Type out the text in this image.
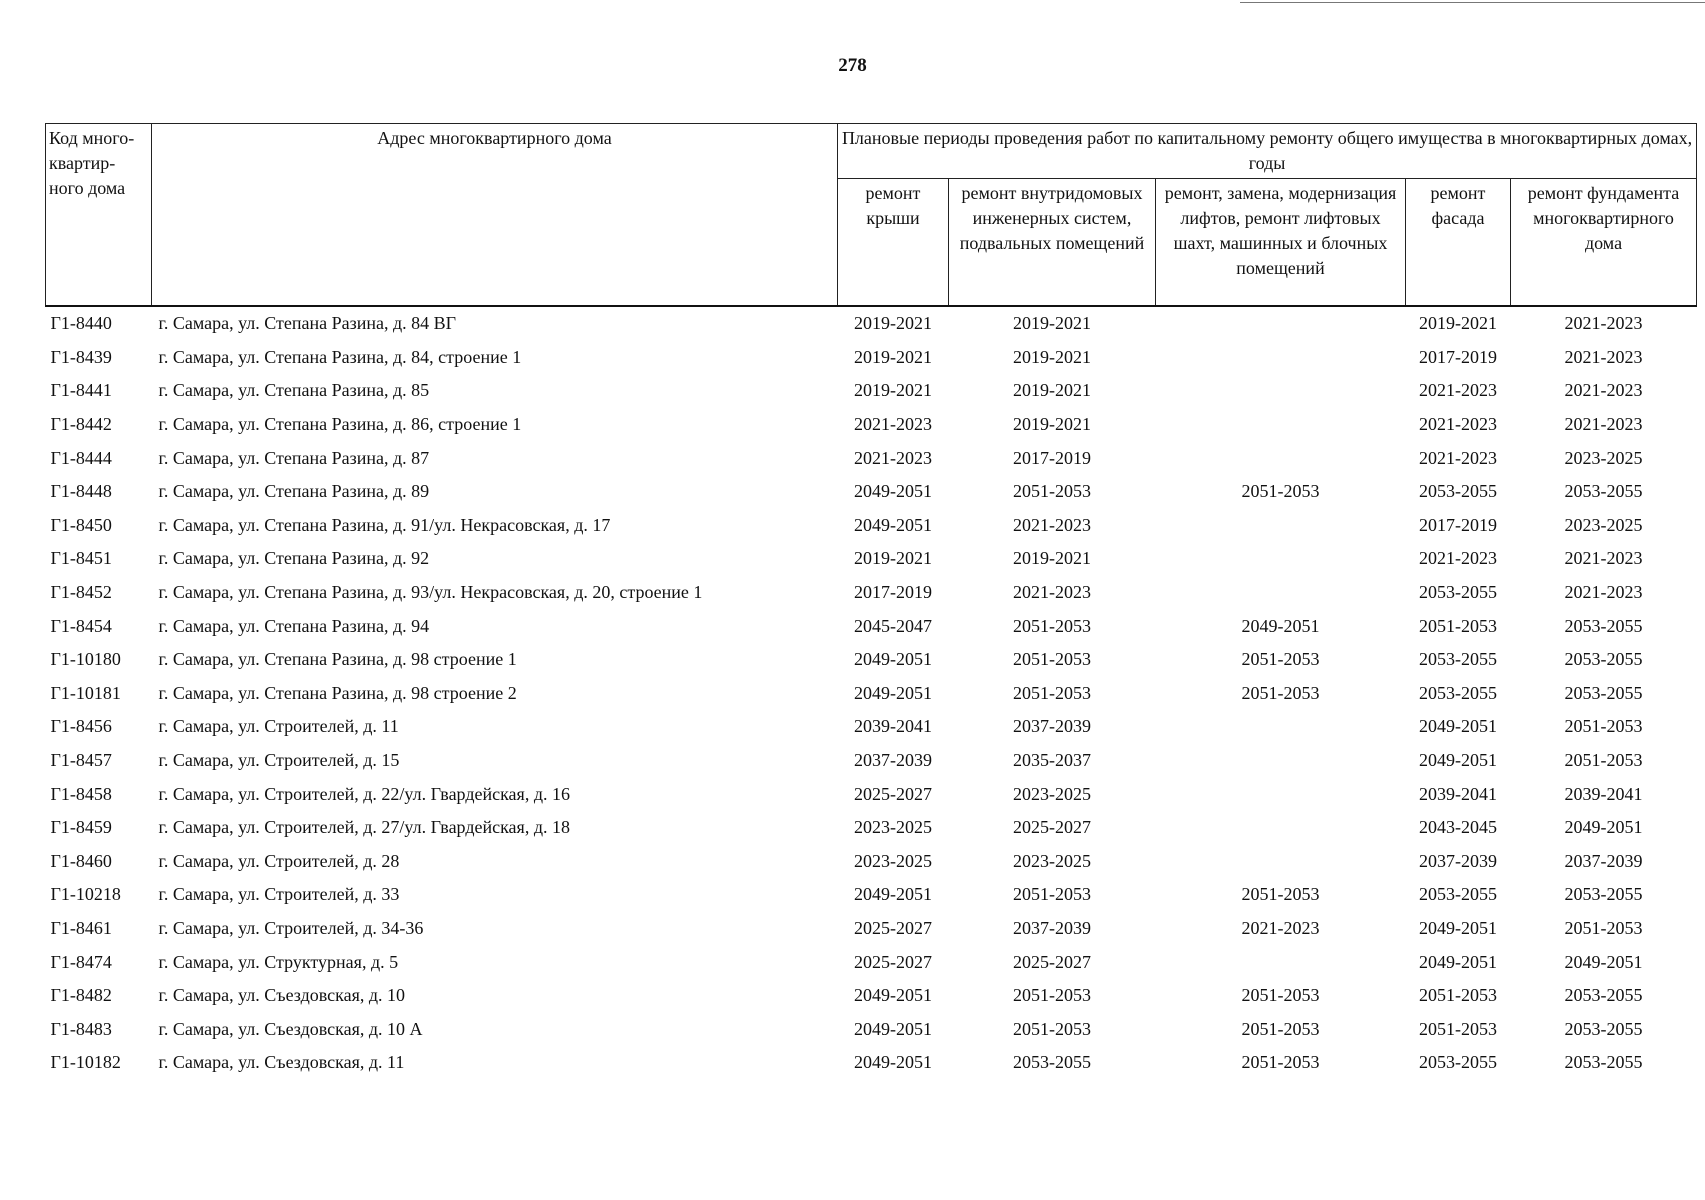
278
Код много-квартир-ного дома	Адрес многоквартирного дома	Плановые периоды проведения работ по капитальному ремонту общего имущества в многоквартирных домах, годы				
		ремонт крыши	ремонт внутридомовых инженерных систем, подвальных помещений	ремонт, замена, модернизация лифтов, ремонт лифтовых шахт, машинных и блочных помещений	ремонт фасада	ремонт фундамента многоквартирного дома
Г1-8440	г. Самара, ул. Степана Разина, д. 84 ВГ	2019-2021	2019-2021		2019-2021	2021-2023
Г1-8439	г. Самара, ул. Степана Разина, д. 84, строение 1	2019-2021	2019-2021		2017-2019	2021-2023
Г1-8441	г. Самара, ул. Степана Разина, д. 85	2019-2021	2019-2021		2021-2023	2021-2023
Г1-8442	г. Самара, ул. Степана Разина, д. 86, строение 1	2021-2023	2019-2021		2021-2023	2021-2023
Г1-8444	г. Самара, ул. Степана Разина, д. 87	2021-2023	2017-2019		2021-2023	2023-2025
Г1-8448	г. Самара, ул. Степана Разина, д. 89	2049-2051	2051-2053	2051-2053	2053-2055	2053-2055
Г1-8450	г. Самара, ул. Степана Разина, д. 91/ул. Некрасовская, д. 17	2049-2051	2021-2023		2017-2019	2023-2025
Г1-8451	г. Самара, ул. Степана Разина, д. 92	2019-2021	2019-2021		2021-2023	2021-2023
Г1-8452	г. Самара, ул. Степана Разина, д. 93/ул. Некрасовская, д. 20, строение 1	2017-2019	2021-2023		2053-2055	2021-2023
Г1-8454	г. Самара, ул. Степана Разина, д. 94	2045-2047	2051-2053	2049-2051	2051-2053	2053-2055
Г1-10180	г. Самара, ул. Степана Разина, д. 98 строение 1	2049-2051	2051-2053	2051-2053	2053-2055	2053-2055
Г1-10181	г. Самара, ул. Степана Разина, д. 98 строение 2	2049-2051	2051-2053	2051-2053	2053-2055	2053-2055
Г1-8456	г. Самара, ул. Строителей, д. 11	2039-2041	2037-2039		2049-2051	2051-2053
Г1-8457	г. Самара, ул. Строителей, д. 15	2037-2039	2035-2037		2049-2051	2051-2053
Г1-8458	г. Самара, ул. Строителей, д. 22/ул. Гвардейская, д. 16	2025-2027	2023-2025		2039-2041	2039-2041
Г1-8459	г. Самара, ул. Строителей, д. 27/ул. Гвардейская, д. 18	2023-2025	2025-2027		2043-2045	2049-2051
Г1-8460	г. Самара, ул. Строителей, д. 28	2023-2025	2023-2025		2037-2039	2037-2039
Г1-10218	г. Самара, ул. Строителей, д. 33	2049-2051	2051-2053	2051-2053	2053-2055	2053-2055
Г1-8461	г. Самара, ул. Строителей, д. 34-36	2025-2027	2037-2039	2021-2023	2049-2051	2051-2053
Г1-8474	г. Самара, ул. Структурная, д. 5	2025-2027	2025-2027		2049-2051	2049-2051
Г1-8482	г. Самара, ул. Съездовская, д. 10	2049-2051	2051-2053	2051-2053	2051-2053	2053-2055
Г1-8483	г. Самара, ул. Съездовская, д. 10 А	2049-2051	2051-2053	2051-2053	2051-2053	2053-2055
Г1-10182	г. Самара, ул. Съездовская, д. 11	2049-2051	2053-2055	2051-2053	2053-2055	2053-2055
